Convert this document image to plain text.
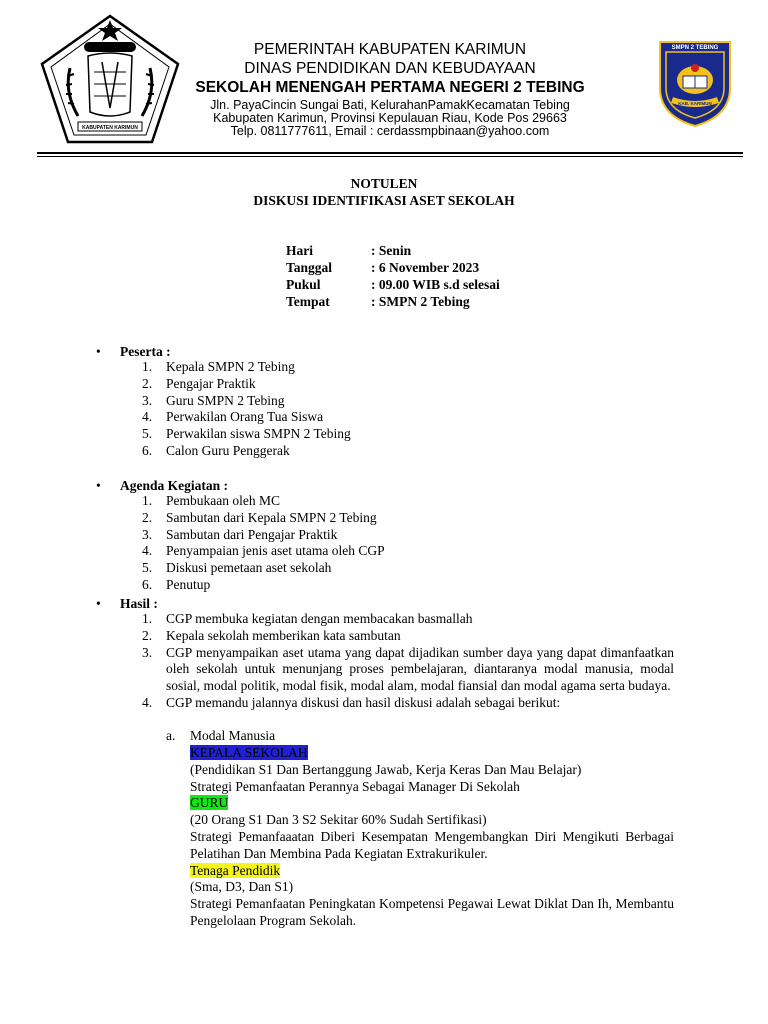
KABUPATEN KARIMUN
SMPN 2 TEBING
KAB. KARIMUN
PEMERINTAH KABUPATEN KARIMUN
DINAS PENDIDIKAN DAN KEBUDAYAAN
SEKOLAH MENENGAH PERTAMA NEGERI 2 TEBING
Jln. PayaCincin Sungai Bati, KelurahanPamakKecamatan Tebing
Kabupaten Karimun, Provinsi Kepulauan Riau, Kode Pos 29663
Telp. 0811777611, Email : cerdassmpbinaan@yahoo.com
NOTULEN
DISKUSI IDENTIFIKASI ASET SEKOLAH
Hari	: Senin
Tanggal	: 6 November 2023
Pukul	: 09.00 WIB s.d selesai
Tempat	: SMPN 2 Tebing
• Peserta :
1. Kepala SMPN 2 Tebing
2. Pengajar Praktik
3. Guru SMPN 2 Tebing
4. Perwakilan Orang Tua Siswa
5. Perwakilan siswa SMPN 2 Tebing
6. Calon Guru Penggerak
• Agenda Kegiatan :
1. Pembukaan oleh MC
2. Sambutan dari Kepala SMPN 2 Tebing
3. Sambutan dari Pengajar Praktik
4. Penyampaian jenis aset utama oleh CGP
5. Diskusi pemetaan aset sekolah
6. Penutup
• Hasil :
1. CGP membuka kegiatan dengan membacakan basmallah
2. Kepala sekolah memberikan kata sambutan
3. CGP menyampaikan aset utama yang dapat dijadikan sumber daya yang dapat dimanfaatkan oleh sekolah untuk menunjang proses pembelajaran, diantaranya modal manusia, modal sosial, modal politik, modal fisik, modal alam, modal fiansial dan modal agama serta budaya.
4. CGP memandu jalannya diskusi dan hasil diskusi adalah sebagai berikut:
a. Modal Manusia
KEPALA SEKOLAH
(Pendidikan S1 Dan Bertanggung Jawab, Kerja Keras Dan Mau Belajar)
Strategi Pemanfaatan Perannya Sebagai Manager Di Sekolah
GURU
(20 Orang S1 Dan 3 S2 Sekitar 60% Sudah Sertifikasi)
Strategi Pemanfaaatan Diberi Kesempatan Mengembangkan Diri Mengikuti Berbagai Pelatihan Dan Membina Pada Kegiatan Extrakurikuler.
Tenaga Pendidik
(Sma, D3, Dan S1)
Strategi Pemanfaatan Peningkatan Kompetensi Pegawai Lewat Diklat Dan Ih, Membantu Pengelolaan Program Sekolah.
